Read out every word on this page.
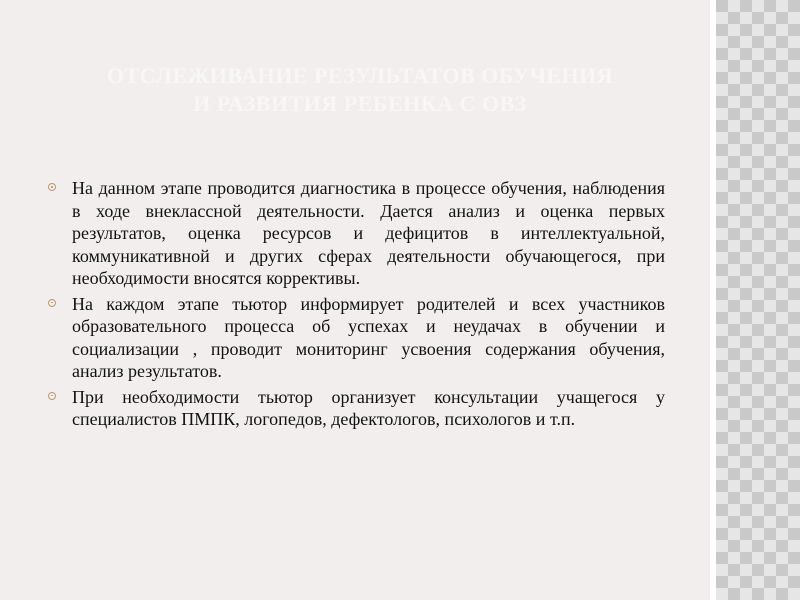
ОТСЛЕЖИВАНИЕ РЕЗУЛЬТАТОВ ОБУЧЕНИЯ
И РАЗВИТИЯ РЕБЕНКА С ОВЗ
На данном этапе проводится диагностика в процессе обучения, наблюдения в ходе внеклассной деятельности. Дается анализ и оценка первых результатов, оценка ресурсов и дефицитов в интеллектуальной, коммуникативной и других сферах деятельности обучающегося, при необходимости вносятся коррективы.
На каждом этапе тьютор информирует родителей и всех участников образовательного процесса об успехах и неудачах в обучении и социализации , проводит мониторинг усвоения содержания обучения, анализ результатов.
При необходимости тьютор организует консультации учащегося у специалистов ПМПК, логопедов, дефектологов, психологов и т.п.
